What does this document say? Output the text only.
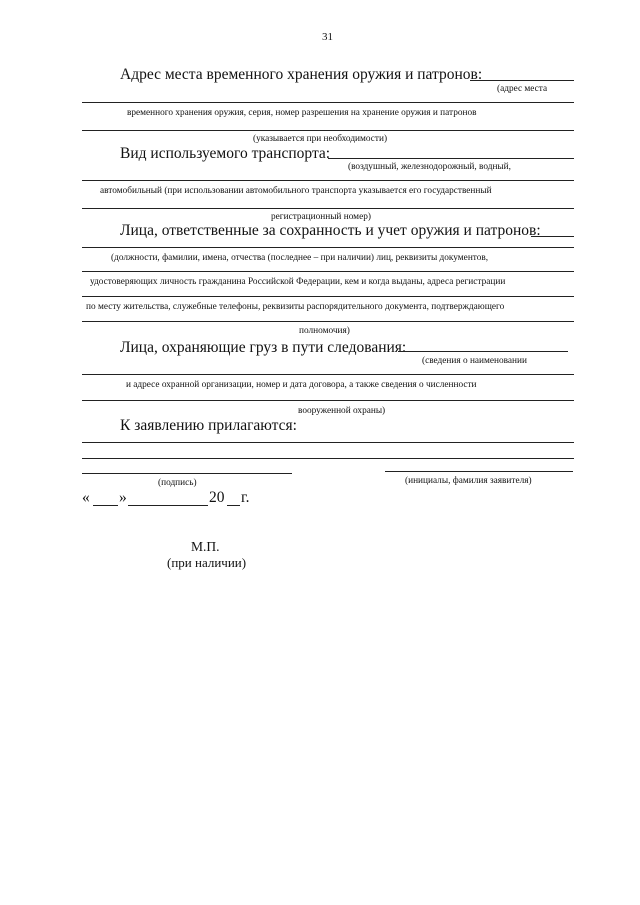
31
Адрес места временного хранения оружия и патронов:
(адрес места
временного хранения оружия, серия, номер разрешения на хранение оружия и патронов
(указывается при необходимости)
Вид используемого транспорта:
(воздушный, железнодорожный, водный,
автомобильный (при использовании автомобильного транспорта указывается его государственный
регистрационный номер)
Лица, ответственные за сохранность и учет оружия и патронов:
(должности, фамилии, имена, отчества (последнее – при наличии) лиц, реквизиты документов,
удостоверяющих личность гражданина Российской Федерации, кем и когда выданы, адреса регистрации
по месту жительства, служебные телефоны, реквизиты распорядительного документа, подтверждающего
полномочия)
Лица, охраняющие груз в пути следования:
(сведения о наименовании
и адресе охранной организации, номер и дата договора, а также сведения о численности
вооруженной охраны)
К заявлению прилагаются:
(подпись)	(инициалы, фамилия заявителя)
« »	20 г.
М.П.
(при наличии)
